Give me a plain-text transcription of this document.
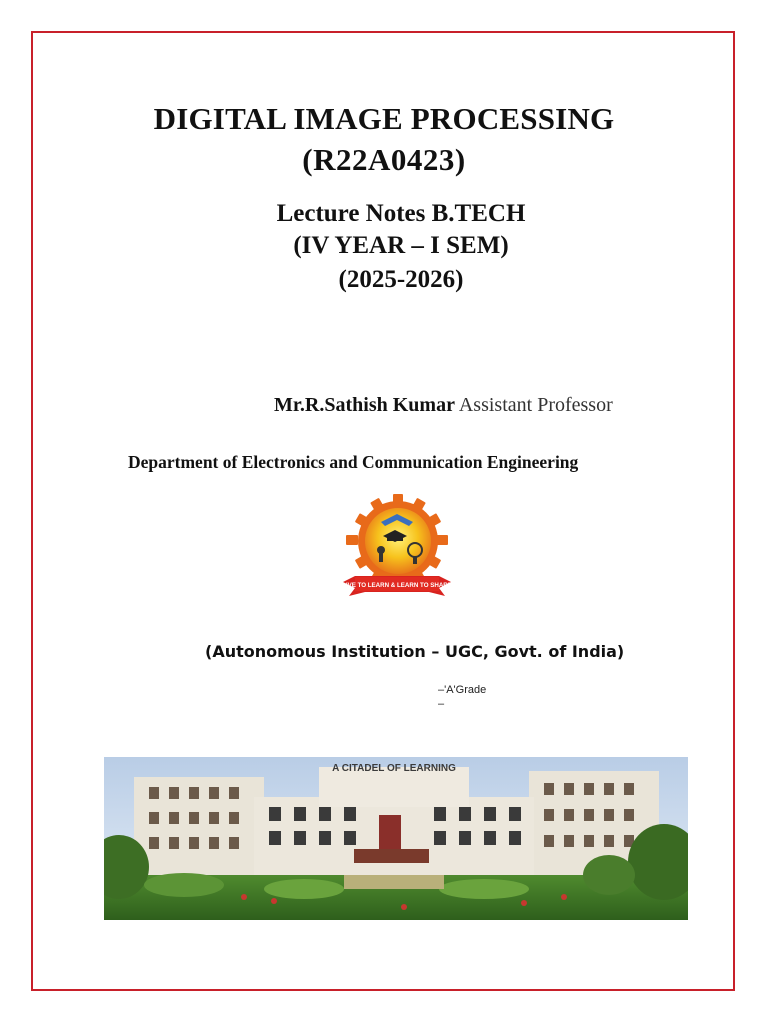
DIGITAL IMAGE PROCESSING
(R22A0423)
Lecture Notes B.TECH
(IV YEAR – I SEM)
(2025-2026)
Mr.R.Sathish Kumar Assistant Professor
Department of Electronics and Communication Engineering
LIVE TO LEARN & LEARN TO SHARE
(Autonomous Institution – UGC, Govt. of India)
–'A'Grade
–
A CITADEL OF LEARNING
